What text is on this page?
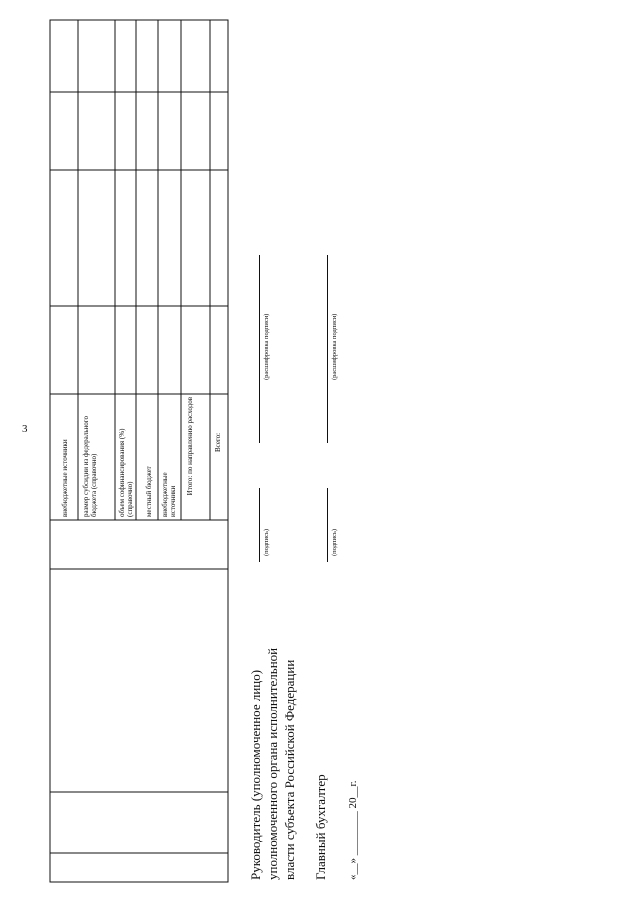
3
внебюджетные источники размер субсидии из федерального бюджета (справочно)	объем софинансирования (%) (справочно) местный бюджет внебюджетные источники
Итого: по направлению расходов	Всего:
Руководитель (уполномоченное лицо) уполномоченного органа исполнительной власти субъекта Российской Федерации Главный бухгалтер «__» ________ 20__г.
(подпись)
(расшифровка подписи)
(подпись)
(расшифровка подписи)
